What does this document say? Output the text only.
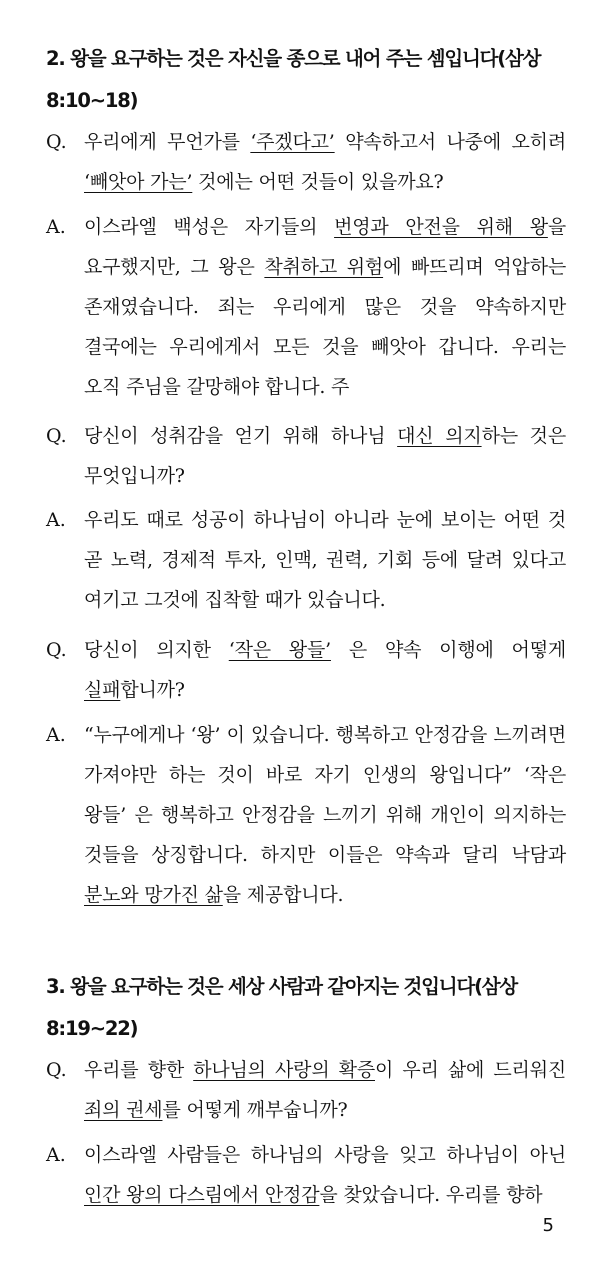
2. 왕을 요구하는 것은 자신을 종으로 내어 주는 셈입니다(삼상 8:10~18)
Q. 우리에게 무언가를 ‘주겠다고’ 약속하고서 나중에 오히려 ‘빼앗아 가는’ 것에는 어떤 것들이 있을까요?
A. 이스라엘 백성은 자기들의 번영과 안전을 위해 왕을 요구했지만, 그 왕은 착취하고 위험에 빠뜨리며 억압하는 존재였습니다. 죄는 우리에게 많은 것을 약속하지만 결국에는 우리에게서 모든 것을 빼앗아 갑니다. 우리는 오직 주님을 갈망해야 합니다. 주
Q. 당신이 성취감을 얻기 위해 하나님 대신 의지하는 것은 무엇입니까?
A. 우리도 때로 성공이 하나님이 아니라 눈에 보이는 어떤 것 곧 노력, 경제적 투자, 인맥, 권력, 기회 등에 달려 있다고 여기고 그것에 집착할 때가 있습니다.
Q. 당신이 의지한 ‘작은 왕들’ 은 약속 이행에 어떻게 실패합니까?
A. “누구에게나 ‘왕’ 이 있습니다. 행복하고 안정감을 느끼려면 가져야만 하는 것이 바로 자기 인생의 왕입니다” ‘작은 왕들’ 은 행복하고 안정감을 느끼기 위해 개인이 의지하는 것들을 상징합니다. 하지만 이들은 약속과 달리 낙담과 분노와 망가진 삶을 제공합니다.
3. 왕을 요구하는 것은 세상 사람과 같아지는 것입니다(삼상 8:19~22)
Q. 우리를 향한 하나님의 사랑의 확증이 우리 삶에 드리워진 죄의 권세를 어떻게 깨부숩니까?
A. 이스라엘 사람들은 하나님의 사랑을 잊고 하나님이 아닌 인간 왕의 다스림에서 안정감을 찾았습니다. 우리를 향하
5
